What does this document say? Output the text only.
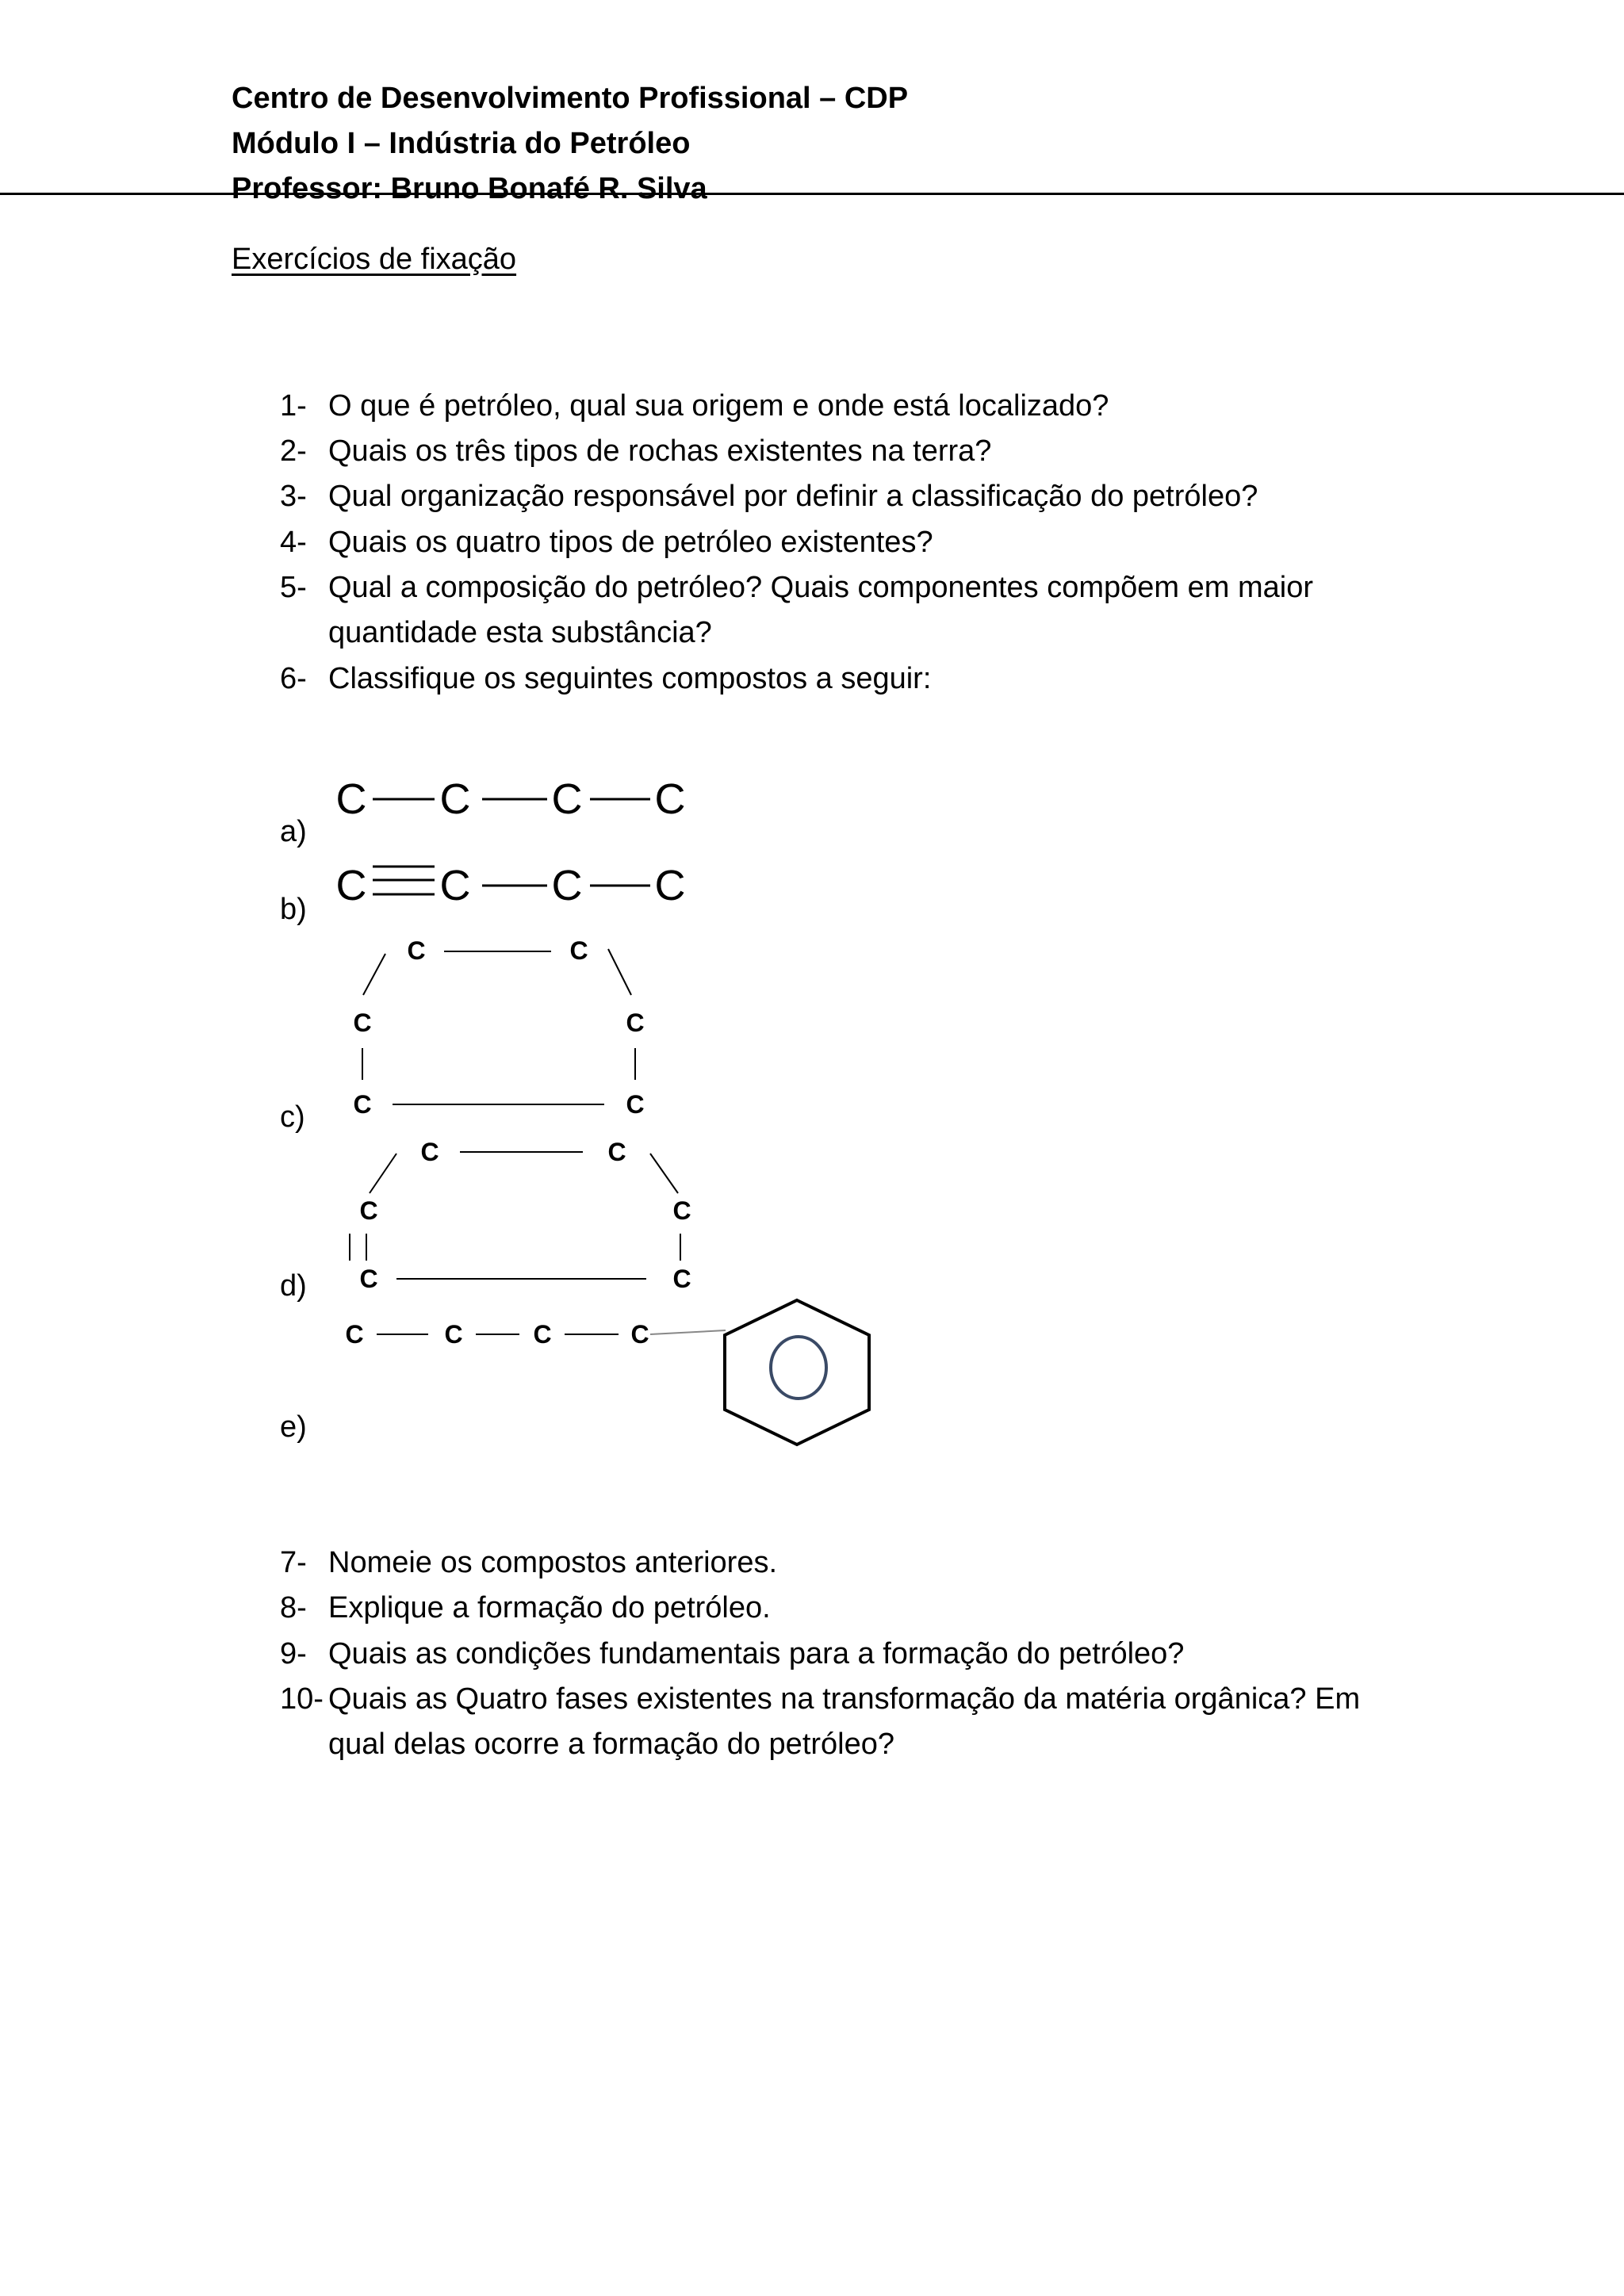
Centro de Desenvolvimento Profissional – CDP
Módulo I – Indústria do Petróleo
Professor: Bruno Bonafé R. Silva
Exercícios de fixação
1- O que é petróleo, qual sua origem e onde está localizado?
2- Quais os três tipos de rochas existentes na terra?
3- Qual organização responsável por definir a classificação do petróleo?
4- Quais os quatro tipos de petróleo existentes?
5- Qual a composição do petróleo? Quais componentes compõem em maior
quantidade esta substância?
6- Classifique os seguintes compostos a seguir:
a)
b)
c)
d)
e)
C C C C
C C C C
C	C
C	C
C	C
C	C
C	C
C	C
C	C	C	C
7- Nomeie os compostos anteriores.
8- Explique a formação do petróleo.
9- Quais as condições fundamentais para a formação do petróleo?
10- Quais as Quatro fases existentes na transformação da matéria orgânica? Em
qual delas ocorre a formação do petróleo?
